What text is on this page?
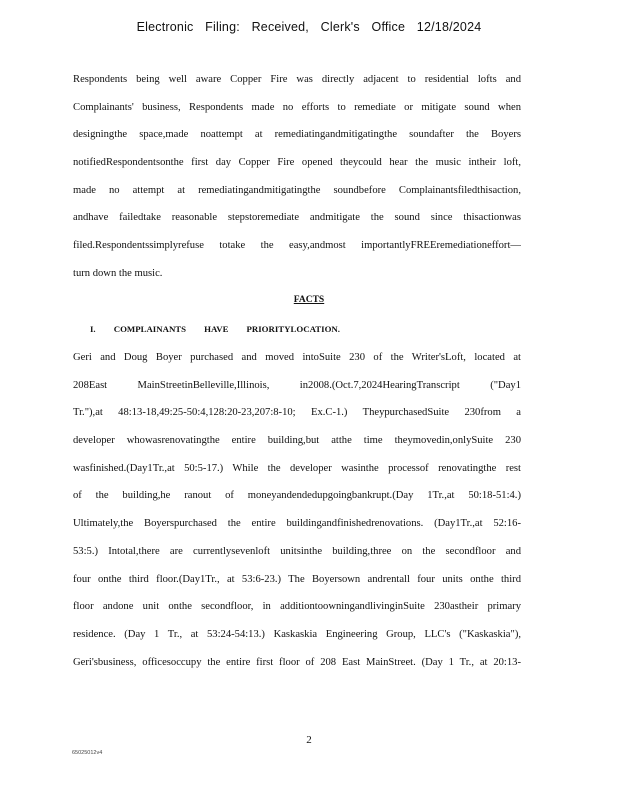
Electronic Filing: Received, Clerk's Office 12/18/2024
Respondents being well aware Copper Fire was directly adjacent to residential lofts and
Complainants' business, Respondents made no efforts to remediate or mitigate sound when
designingthe space,made noattempt at remediatingandmitigatingthe soundafter the Boyers
notifiedRespondentsonthe first day Copper Fire opened theycould hear the music intheir loft,
made no attempt at remediatingandmitigatingthe soundbefore Complainantsfiledthisaction,
andhave failedtake reasonable stepstoremediate andmitigate the sound since thisactionwas
filed.Respondentssimplyrefuse totake the easy,andmost importantlyFREEremediationeffort—
turn down the music.
FACTS
I. COMPLAINANTS HAVE PRIORITYLOCATION.
Geri and Doug Boyer purchased and moved intoSuite 230 of the Writer'sLoft, located at
208East MainStreetinBelleville,Illinois, in2008.(Oct.7,2024HearingTranscript ("Day1
Tr."),at 48:13-18,49:25-50:4,128:20-23,207:8-10; Ex.C-1.) TheypurchasedSuite 230from a
developer whowasrenovatingthe entire building,but atthe time theymovedin,onlySuite 230
wasfinished.(Day1Tr.,at 50:5-17.) While the developer wasinthe processof renovatingthe rest
of the building,he ranout of moneyandendedupgoingbankrupt.(Day 1Tr.,at 50:18-51:4.)
Ultimately,the Boyerspurchased the entire buildingandfinishedrenovations. (Day1Tr.,at 52:16-
53:5.) Intotal,there are currentlysevenloft unitsinthe building,three on the secondfloor and
four onthe third floor.(Day1Tr., at 53:6-23.) The Boyersown andrentall four units onthe third
floor andone unit onthe secondfloor, in additiontoowningandlivinginSuite 230astheir primary
residence. (Day 1 Tr., at 53:24-54:13.) Kaskaskia Engineering Group, LLC's ("Kaskaskia"),
Geri'sbusiness, officesoccupy the entire first floor of 208 East MainStreet. (Day 1 Tr., at 20:13-
2
65025012v4
